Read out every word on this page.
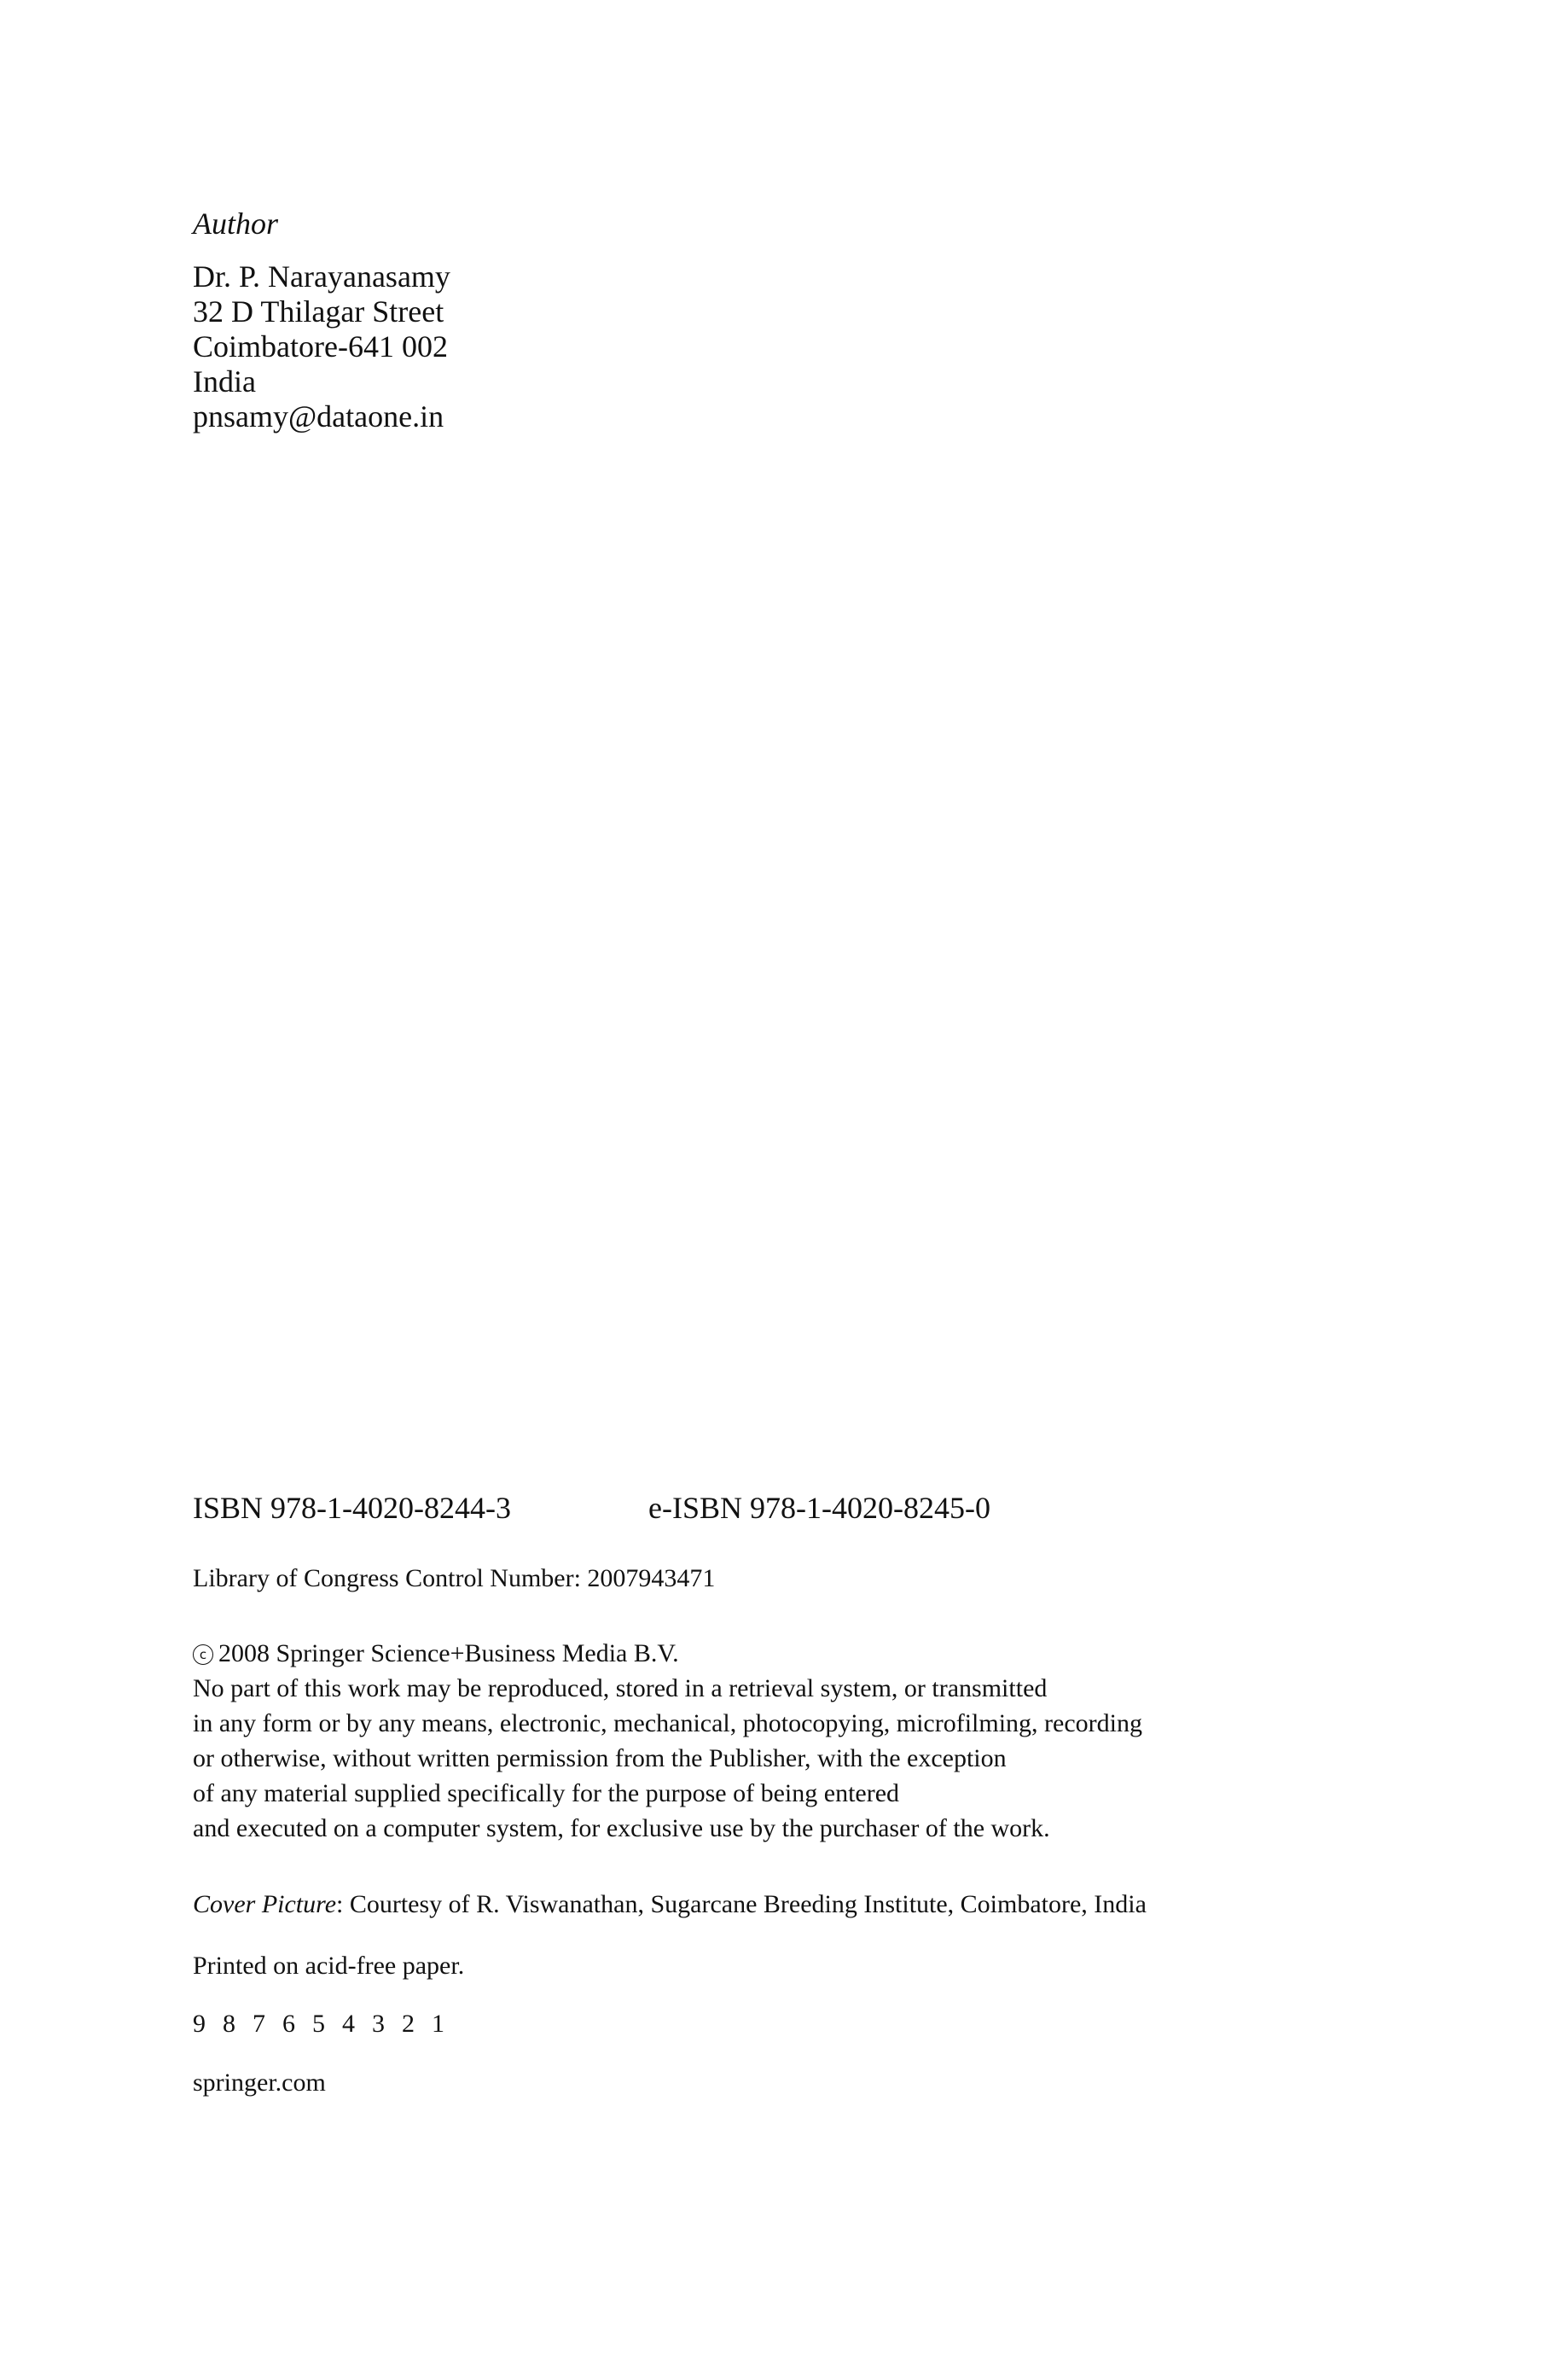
Author

Dr. P. Narayanasamy
32 D Thilagar Street
Coimbatore-641 002
India
pnsamy@dataone.in
ISBN 978-1-4020-8244-3	e-ISBN 978-1-4020-8245-0

Library of Congress Control Number: 2007943471

c 2008 Springer Science+Business Media B.V.
No part of this work may be reproduced, stored in a retrieval system, or transmitted
in any form or by any means, electronic, mechanical, photocopying, microfilming, recording
or otherwise, without written permission from the Publisher, with the exception
of any material supplied specifically for the purpose of being entered
and executed on a computer system, for exclusive use by the purchaser of the work.

Cover Picture: Courtesy of R. Viswanathan, Sugarcane Breeding Institute, Coimbatore, India

Printed on acid-free paper.

9 8 7 6 5 4 3 2 1

springer.com
